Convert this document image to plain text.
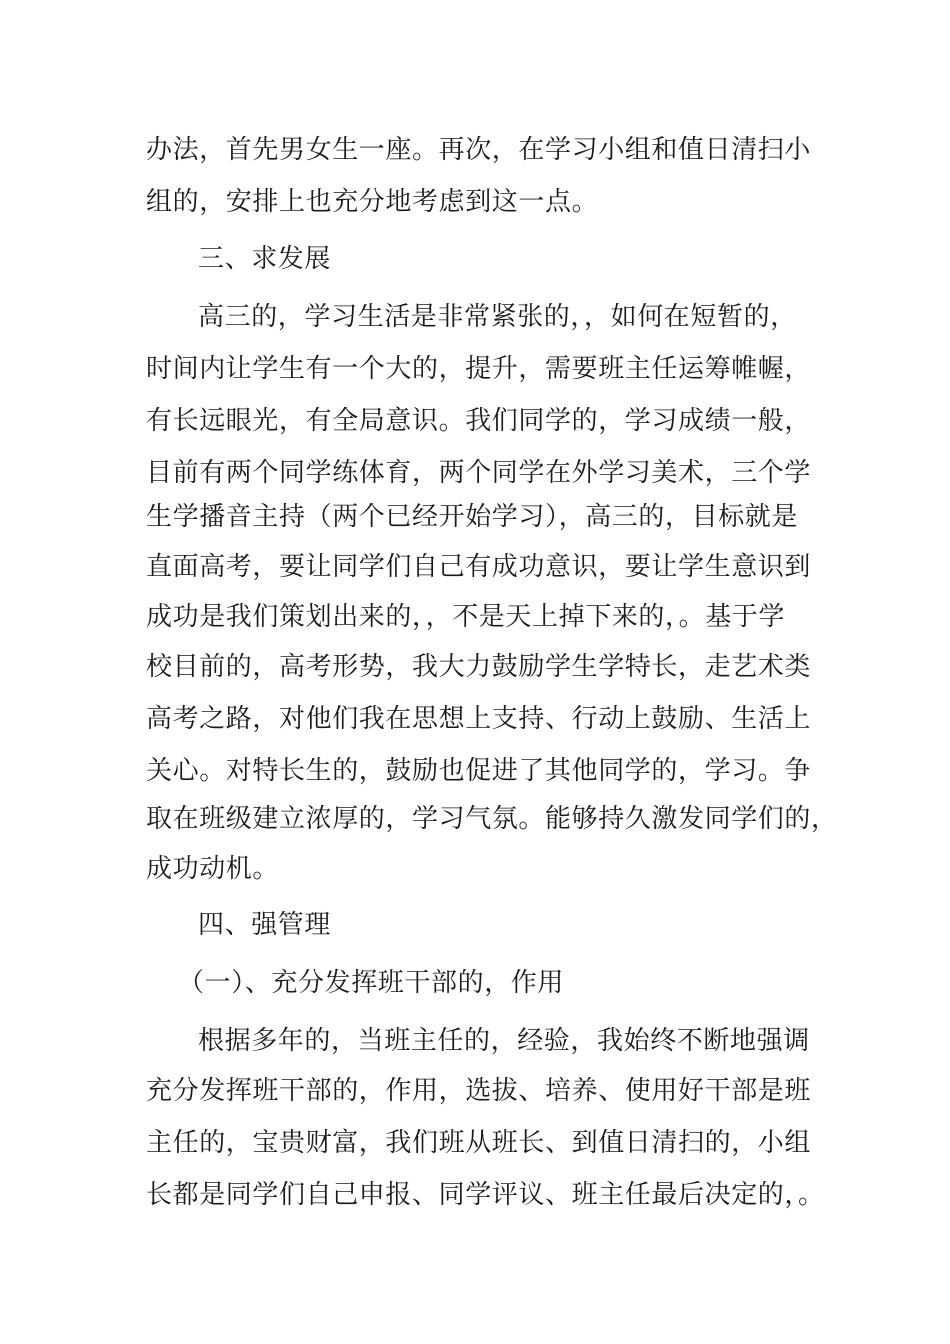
办法，首先男女生一座。再次，在学习小组和值日清扫小
组的，安排上也充分地考虑到这一点。
三、求发展
高三的，学习生活是非常紧张的，，如何在短暂的，
时间内让学生有一个大的，提升，需要班主任运筹帷幄，
有长远眼光，有全局意识。我们同学的，学习成绩一般，
目前有两个同学练体育，两个同学在外学习美术，三个学
生学播音主持（两个已经开始学习），高三的，目标就是
直面高考，要让同学们自己有成功意识，要让学生意识到
成功是我们策划出来的，，不是天上掉下来的，。基于学
校目前的，高考形势，我大力鼓励学生学特长，走艺术类
高考之路，对他们我在思想上支持、行动上鼓励、生活上
关心。对特长生的，鼓励也促进了其他同学的，学习。争
取在班级建立浓厚的，学习气氛。能够持久激发同学们的，
成功动机。
四、强管理
（一）、充分发挥班干部的，作用
根据多年的，当班主任的，经验，我始终不断地强调
充分发挥班干部的，作用，选拔、培养、使用好干部是班
主任的，宝贵财富，我们班从班长、到值日清扫的，小组
长都是同学们自己申报、同学评议、班主任最后决定的，。
